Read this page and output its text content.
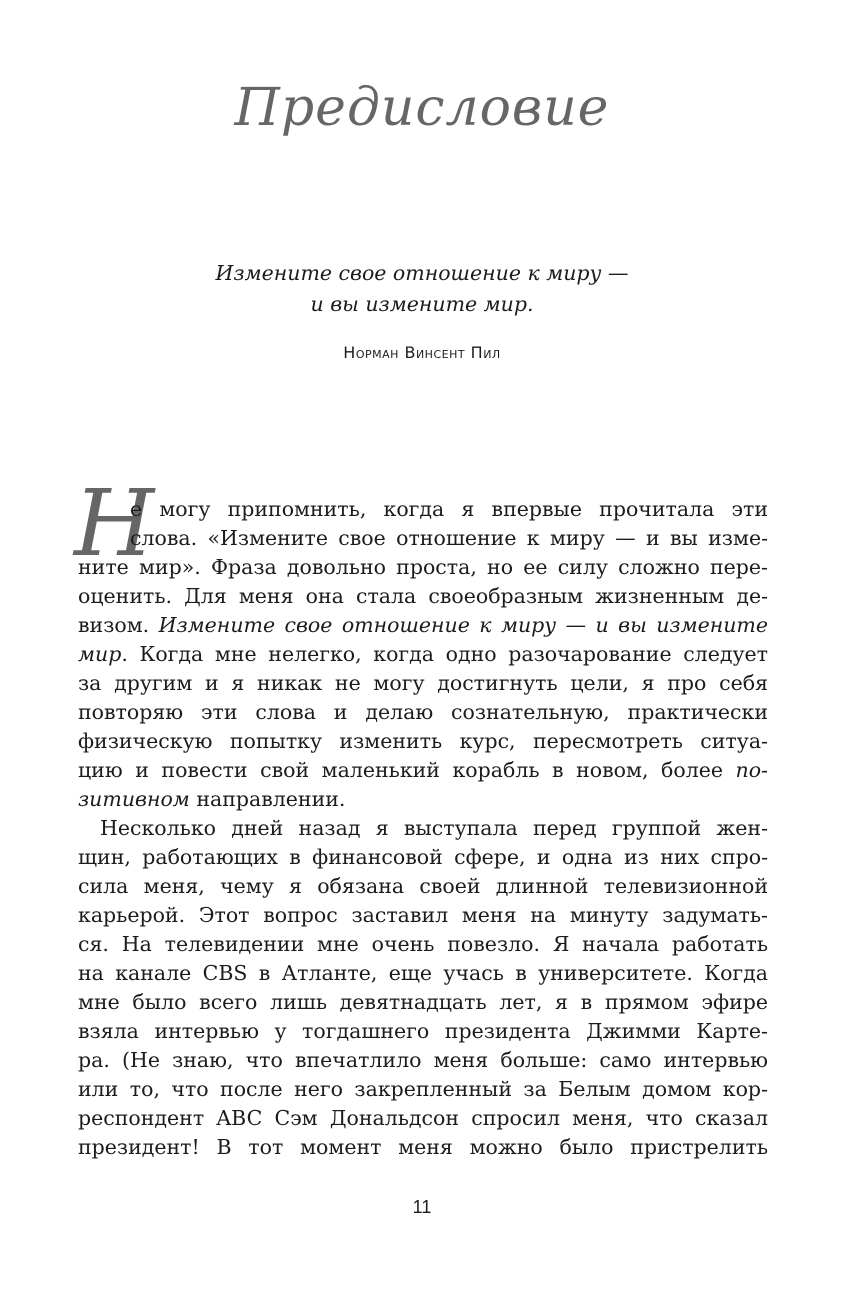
Предисловие
Измените свое отношение к миру —
и вы измените мир.
Норман Винсент Пил
Н
е могу припомнить, когда я впервые прочитала эти
слова. «Измените свое отношение к миру — и вы изме-
ните мир». Фраза довольно проста, но ее силу сложно пере-
оценить. Для меня она стала своеобразным жизненным де-
визом. Измените свое отношение к миру — и вы измените
мир. Когда мне нелегко, когда одно разочарование следует
за другим и я никак не могу достигнуть цели, я про себя
повторяю эти слова и делаю сознательную, практически
физическую попытку изменить курс, пересмотреть ситуа-
цию и повести свой маленький корабль в новом, более по-
зитивном направлении.
Несколько дней назад я выступала перед группой жен-
щин, работающих в финансовой сфере, и одна из них спро-
сила меня, чему я обязана своей длинной телевизионной
карьерой. Этот вопрос заставил меня на минуту задумать-
ся. На телевидении мне очень повезло. Я начала работать
на канале CBS в Атланте, еще учась в университете. Когда
мне было всего лишь девятнадцать лет, я в прямом эфире
взяла интервью у тогдашнего президента Джимми Карте-
ра. (Не знаю, что впечатлило меня больше: само интервью
или то, что после него закрепленный за Белым домом кор-
респондент ABC Сэм Дональдсон спросил меня, что сказал
президент! В тот момент меня можно было пристрелить
11
